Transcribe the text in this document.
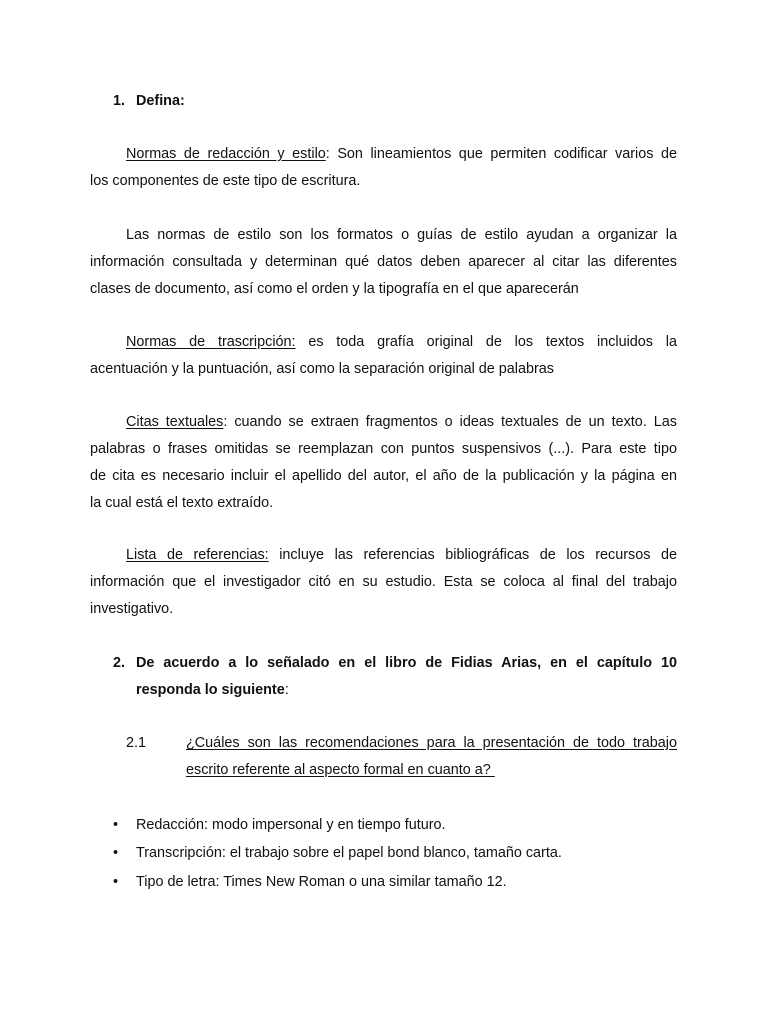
1. Defina:
Normas de redacción y estilo: Son lineamientos que permiten codificar varios de
los componentes de este tipo de escritura.
Las normas de estilo son los formatos o guías de estilo ayudan a organizar la
información consultada y determinan qué datos deben aparecer al citar las diferentes
clases de documento, así como el orden y la tipografía en el que aparecerán
Normas de trascripción: es toda grafía original de los textos incluidos la
acentuación y la puntuación, así como la separación original de palabras
Citas textuales: cuando se extraen fragmentos o ideas textuales de un texto. Las
palabras o frases omitidas se reemplazan con puntos suspensivos (...). Para este tipo
de cita es necesario incluir el apellido del autor, el año de la publicación y la página en
la cual está el texto extraído.
Lista de referencias: incluye las referencias bibliográficas de los recursos de
información que el investigador citó en su estudio. Esta se coloca al final del trabajo
investigativo.
2. De acuerdo a lo señalado en el libro de Fidias Arias, en el capítulo 10
responda lo siguiente:
2.1	¿Cuáles son las recomendaciones para la presentación de todo trabajo
escrito referente al aspecto formal en cuanto a?
• Redacción: modo impersonal y en tiempo futuro.
• Transcripción: el trabajo sobre el papel bond blanco, tamaño carta.
• Tipo de letra: Times New Roman o una similar tamaño 12.
